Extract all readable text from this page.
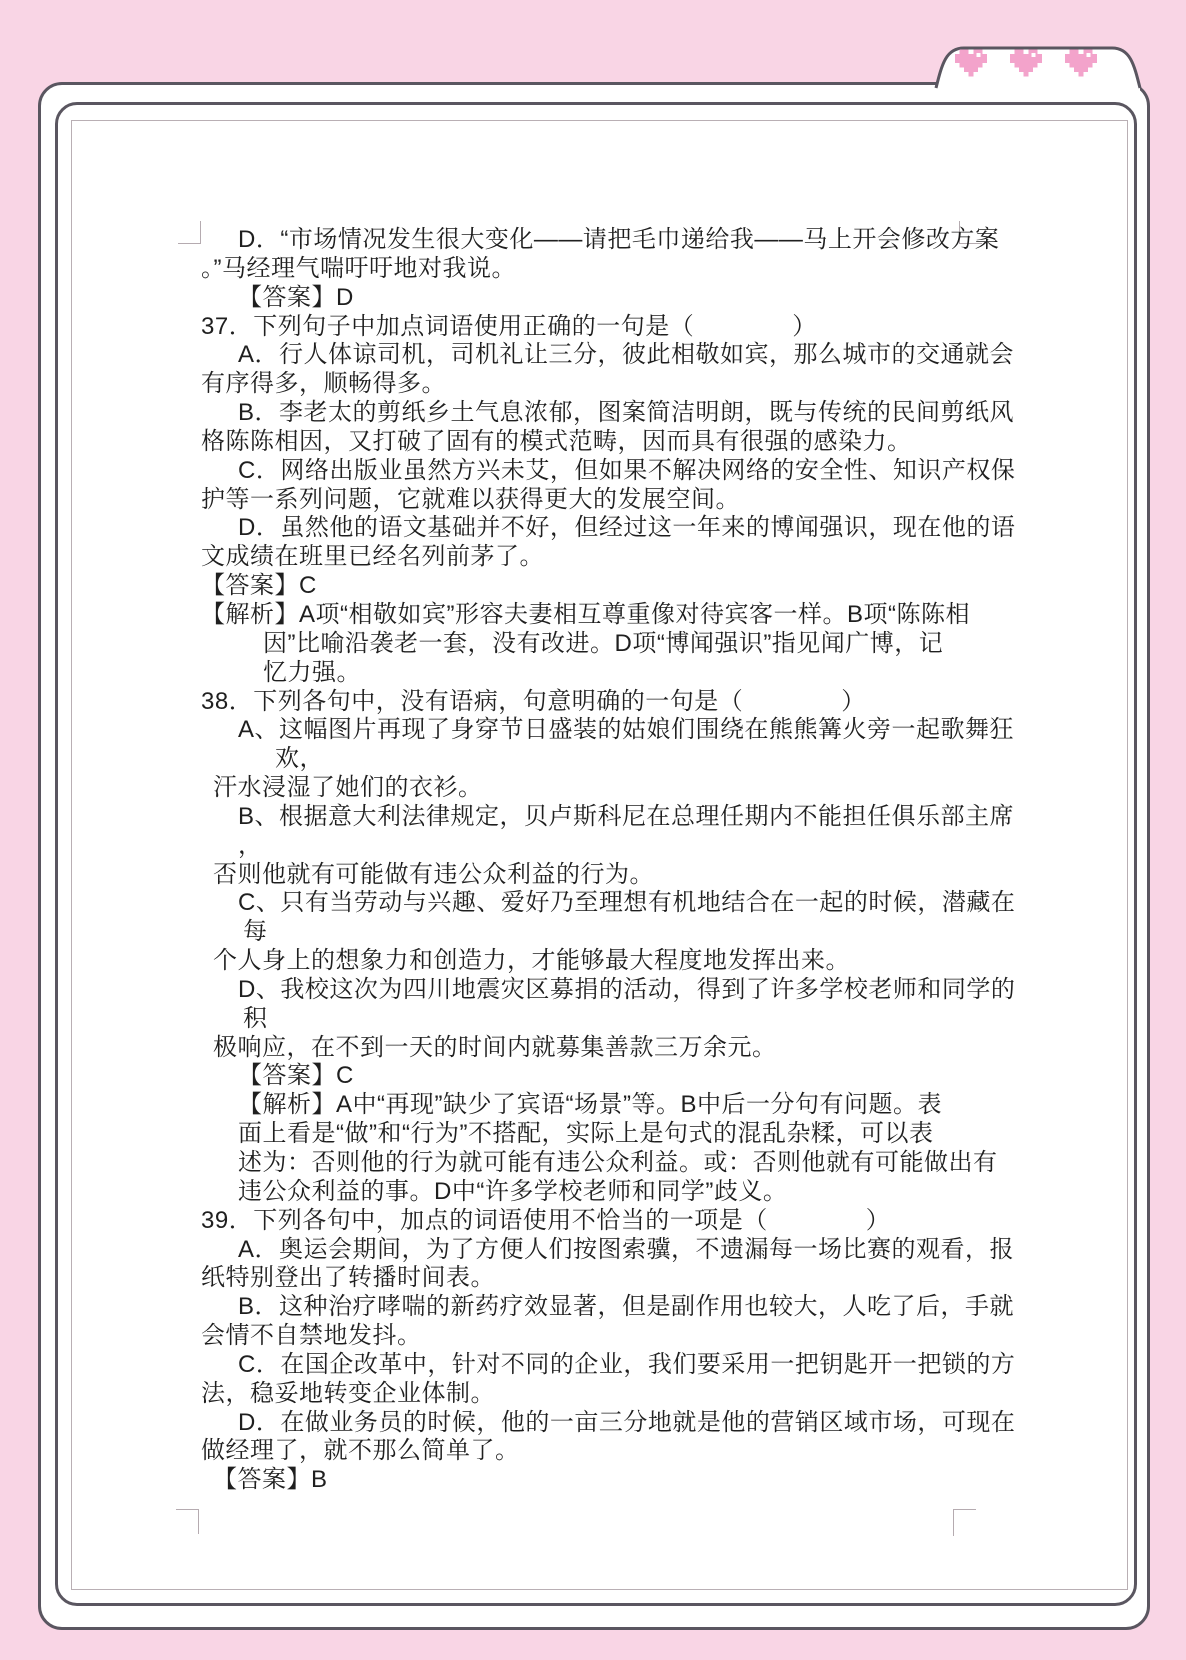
D．“市场情况发生很大变化——请把毛巾递给我——马上开会修改方案
。”马经理气喘吁吁地对我说。
【答案】D
37．下列句子中加点词语使用正确的一句是（　　　　）
A．行人体谅司机，司机礼让三分，彼此相敬如宾，那么城市的交通就会
有序得多，顺畅得多。
B．李老太的剪纸乡土气息浓郁，图案简洁明朗，既与传统的民间剪纸风
格陈陈相因，又打破了固有的模式范畴，因而具有很强的感染力。
C．网络出版业虽然方兴未艾，但如果不解决网络的安全性、知识产权保
护等一系列问题，它就难以获得更大的发展空间。
D．虽然他的语文基础并不好，但经过这一年来的博闻强识，现在他的语
文成绩在班里已经名列前茅了。
【答案】C
【解析】A项“相敬如宾”形容夫妻相互尊重像对待宾客一样。B项“陈陈相
因”比喻沿袭老一套，没有改进。D项“博闻强识”指见闻广博，记
忆力强。
38．下列各句中，没有语病，句意明确的一句是（　　　　）
A、这幅图片再现了身穿节日盛装的姑娘们围绕在熊熊篝火旁一起歌舞狂
欢，
汗水浸湿了她们的衣衫。
B、根据意大利法律规定，贝卢斯科尼在总理任期内不能担任俱乐部主席
，
否则他就有可能做有违公众利益的行为。
C、只有当劳动与兴趣、爱好乃至理想有机地结合在一起的时候，潜藏在
每
个人身上的想象力和创造力，才能够最大程度地发挥出来。
D、我校这次为四川地震灾区募捐的活动，得到了许多学校老师和同学的
积
极响应，在不到一天的时间内就募集善款三万余元。
【答案】C
【解析】A中“再现”缺少了宾语“场景”等。B中后一分句有问题。表
面上看是“做”和“行为”不搭配，实际上是句式的混乱杂糅，可以表
述为：否则他的行为就可能有违公众利益。或：否则他就有可能做出有
违公众利益的事。D中“许多学校老师和同学”歧义。
39．下列各句中，加点的词语使用不恰当的一项是（　　　　）
A．奥运会期间，为了方便人们按图索骥，不遗漏每一场比赛的观看，报
纸特别登出了转播时间表。
B．这种治疗哮喘的新药疗效显著，但是副作用也较大，人吃了后，手就
会情不自禁地发抖。
C．在国企改革中，针对不同的企业，我们要采用一把钥匙开一把锁的方
法，稳妥地转变企业体制。
D．在做业务员的时候，他的一亩三分地就是他的营销区域市场，可现在
做经理了，就不那么简单了。
【答案】B
